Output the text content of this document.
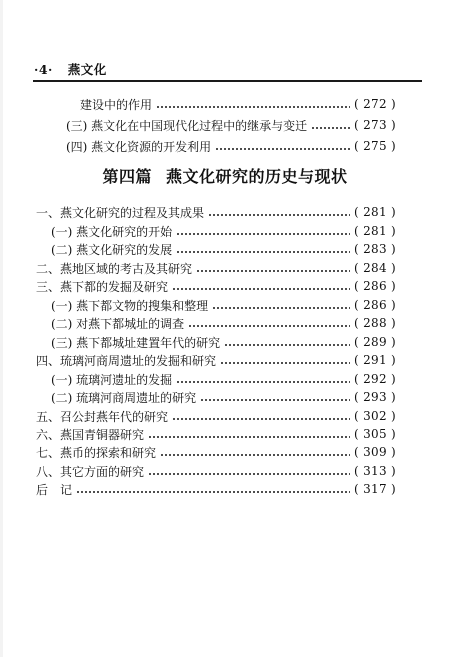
·4· 燕文化
建设中的作用	( 272 )
(三) 燕文化在中国现代化过程中的继承与变迁	( 273 )
(四) 燕文化资源的开发利用	( 275 )
第四篇 燕文化研究的历史与现状
一、燕文化研究的过程及其成果	( 281 )
(一) 燕文化研究的开始	( 281 )
(二) 燕文化研究的发展	( 283 )
二、燕地区域的考古及其研究	( 284 )
三、燕下都的发掘及研究	( 286 )
(一) 燕下都文物的搜集和整理	( 286 )
(二) 对燕下都城址的调查	( 288 )
(三) 燕下都城址建置年代的研究	( 289 )
四、琉璃河商周遗址的发掘和研究	( 291 )
(一) 琉璃河遗址的发掘	( 292 )
(二) 琉璃河商周遗址的研究	( 293 )
五、召公封燕年代的研究	( 302 )
六、燕国青铜器研究	( 305 )
七、燕币的探索和研究	( 309 )
八、其它方面的研究	( 313 )
后　记	( 317 )
